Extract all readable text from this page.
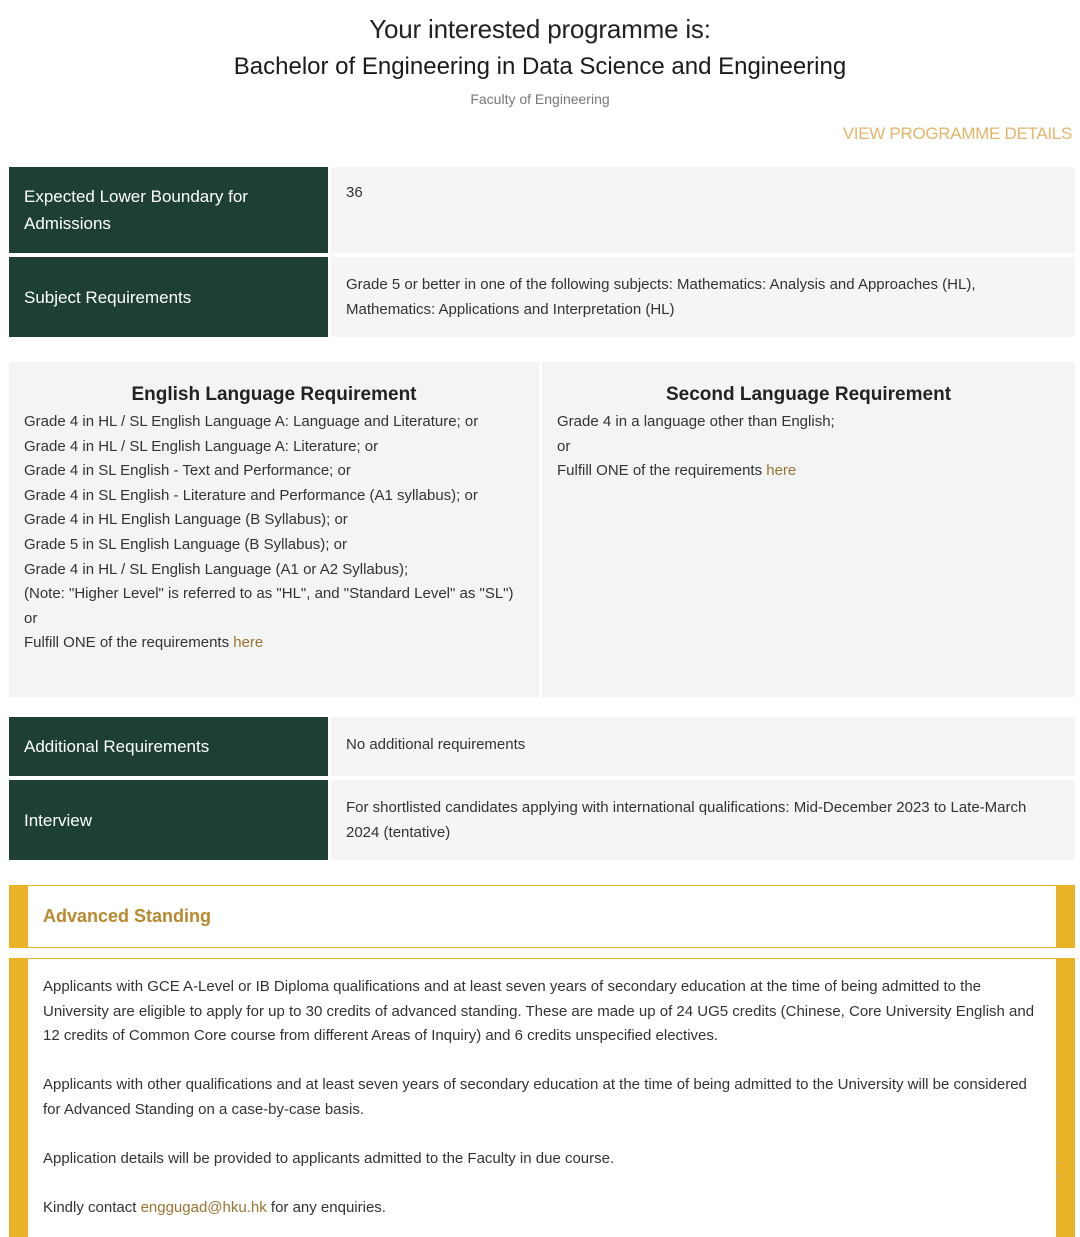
Your interested programme is:
Bachelor of Engineering in Data Science and Engineering
Faculty of Engineering
VIEW PROGRAMME DETAILS
Expected Lower Boundary for Admissions
36
Subject Requirements
Grade 5 or better in one of the following subjects: Mathematics: Analysis and Approaches (HL), Mathematics: Applications and Interpretation (HL)
English Language Requirement
Grade 4 in HL / SL English Language A: Language and Literature; or
Grade 4 in HL / SL English Language A: Literature; or
Grade 4 in SL English - Text and Performance; or
Grade 4 in SL English - Literature and Performance (A1 syllabus); or
Grade 4 in HL English Language (B Syllabus); or
Grade 5 in SL English Language (B Syllabus); or
Grade 4 in HL / SL English Language (A1 or A2 Syllabus);
(Note: "Higher Level" is referred to as "HL", and "Standard Level" as "SL")
or
Fulfill ONE of the requirements here
Second Language Requirement
Grade 4 in a language other than English;
or
Fulfill ONE of the requirements here
Additional Requirements	No additional requirements
Interview
For shortlisted candidates applying with international qualifications: Mid-December 2023 to Late-March 2024 (tentative)
Advanced Standing

Applicants with GCE A-Level or IB Diploma qualifications and at least seven years of secondary education at the time of being admitted to the University are eligible to apply for up to 30 credits of advanced standing. These are made up of 24 UG5 credits (Chinese, Core University English and 12 credits of Common Core course from different Areas of Inquiry) and 6 credits unspecified electives.

Applicants with other qualifications and at least seven years of secondary education at the time of being admitted to the University will be considered for Advanced Standing on a case-by-case basis.

Application details will be provided to applicants admitted to the Faculty in due course.

Kindly contact enggugad@hku.hk for any enquiries.

▫
▫
